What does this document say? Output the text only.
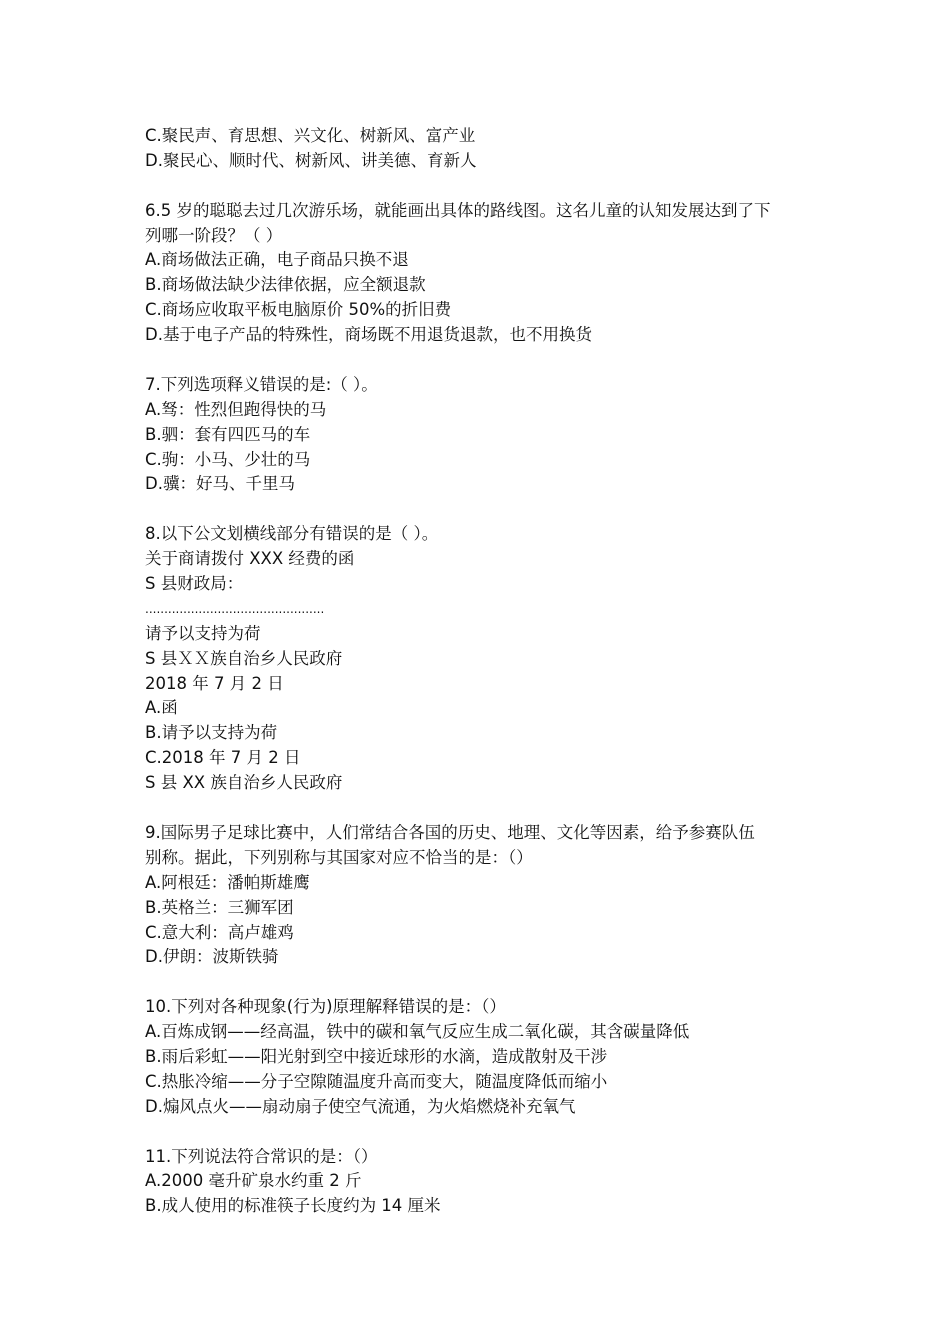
C.聚民声、育思想、兴文化、树新风、富产业
D.聚民心、顺时代、树新风、讲美德、育新人
6.5 岁的聪聪去过几次游乐场，就能画出具体的路线图。这名儿童的认知发展达到了下
列哪一阶段？（ ）
A.商场做法正确，电子商品只换不退
B.商场做法缺少法律依据，应全额退款
C.商场应收取平板电脑原价 50%的折旧费
D.基于电子产品的特殊性，商场既不用退货退款，也不用换货
7.下列选项释义错误的是:（ ）。
A.驽：性烈但跑得快的马
B.驷：套有四匹马的车
C.驹：小马、少壮的马
D.骥：好马、千里马
8.以下公文划横线部分有错误的是（ ）。
关于商请拨付 XXX 经费的函
S 县财政局：
...............................................
请予以支持为荷
S 县ＸＸ族自治乡人民政府
2018 年 7 月 2 日
A.函
B.请予以支持为荷
C.2018 年 7 月 2 日
S 县 XX 族自治乡人民政府
9.国际男子足球比赛中，人们常结合各国的历史、地理、文化等因素，给予参赛队伍
别称。据此，下列别称与其国家对应不恰当的是：（）
A.阿根廷：潘帕斯雄鹰
B.英格兰：三狮军团
C.意大利：高卢雄鸡
D.伊朗：波斯铁骑
10.下列对各种现象(行为)原理解释错误的是：（）
A.百炼成钢——经高温，铁中的碳和氧气反应生成二氧化碳，其含碳量降低
B.雨后彩虹——阳光射到空中接近球形的水滴，造成散射及干涉
C.热胀冷缩——分子空隙随温度升高而变大，随温度降低而缩小
D.煽风点火——扇动扇子使空气流通，为火焰燃烧补充氧气
11.下列说法符合常识的是：（）
A.2000 毫升矿泉水约重 2 斤
B.成人使用的标准筷子长度约为 14 厘米
